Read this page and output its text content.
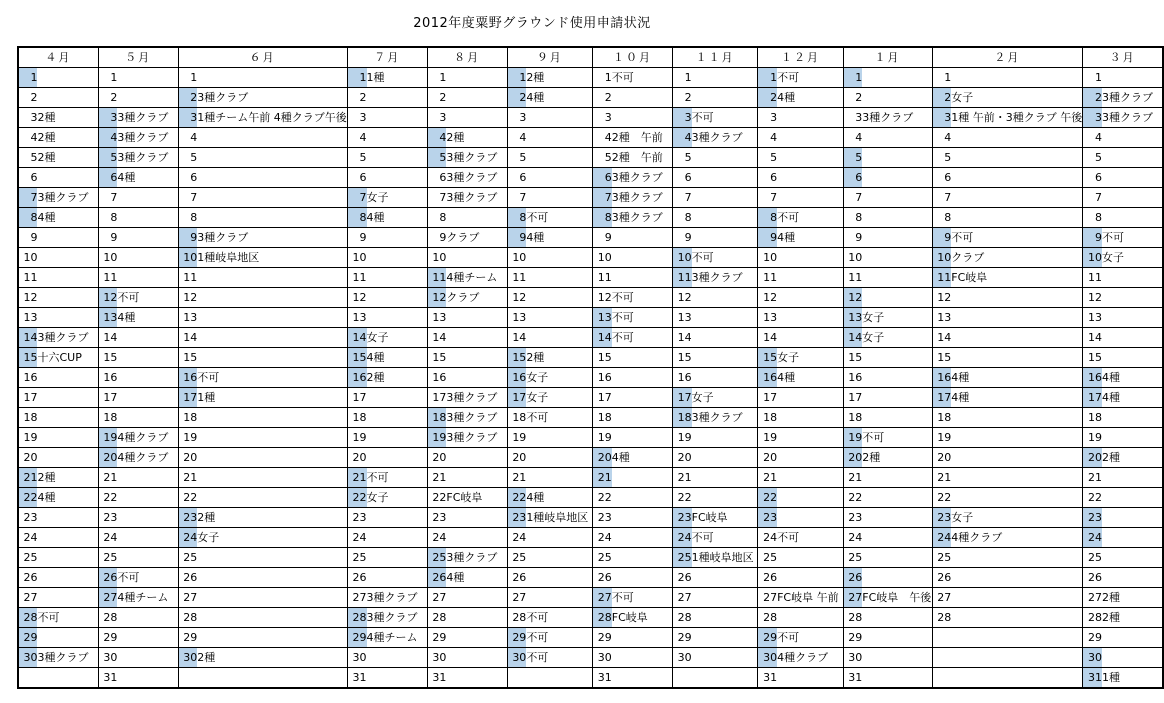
2012年度粟野グラウンド使用申請状況
４月		５月		６月		７月		８月		９月		１０月		１１月		１２月		１月		２月		３月	
1		1		1		1	1種	1		1	2種	1	不可	1		1	不可	1		1		1	
2		2		2	3種クラブ	2		2		2	4種	2		2		2	4種	2		2	女子	2	3種クラブ
3	2種	3	3種クラブ	3	1種チーム午前 4種クラブ午後	3		3		3		3		3	不可	3		3	3種クラブ	3	1種 午前・3種クラブ 午後	3	3種クラブ
4	2種	4	3種クラブ	4		4		4	2種	4		4	2種　午前	4	3種クラブ	4		4		4		4	
5	2種	5	3種クラブ	5		5		5	3種クラブ	5		5	2種　午前	5		5		5		5		5	
6		6	4種	6		6		6	3種クラブ	6		6	3種クラブ	6		6		6		6		6	
7	3種クラブ	7		7		7	女子	7	3種クラブ	7		7	3種クラブ	7		7		7		7		7	
8	4種	8		8		8	4種	8		8	不可	8	3種クラブ	8		8	不可	8		8		8	
9		9		9	3種クラブ	9		9	クラブ	9	4種	9		9		9	4種	9		9	不可	9	不可
10		10		10	1種岐阜地区	10		10		10		10		10	不可	10		10		10	クラブ	10	女子
11		11		11		11		11	4種チーム	11		11		11	3種クラブ	11		11		11	FC岐阜	11	
12		12	不可	12		12		12	クラブ	12		12	不可	12		12		12		12		12	
13		13	4種	13		13		13		13		13	不可	13		13		13	女子	13		13	
14	3種クラブ	14		14		14	女子	14		14		14	不可	14		14		14	女子	14		14	
15	十六CUP	15		15		15	4種	15		15	2種	15		15		15	女子	15		15		15	
16		16		16	不可	16	2種	16		16	女子	16		16		16	4種	16		16	4種	16	4種
17		17		17	1種	17		17	3種クラブ	17	女子	17		17	女子	17		17		17	4種	17	4種
18		18		18		18		18	3種クラブ	18	不可	18		18	3種クラブ	18		18		18		18	
19		19	4種クラブ	19		19		19	3種クラブ	19		19		19		19		19	不可	19		19	
20		20	4種クラブ	20		20		20		20		20	4種	20		20		20	2種	20		20	2種
21	2種	21		21		21	不可	21		21		21		21		21		21		21		21	
22	4種	22		22		22	女子	22	FC岐阜	22	4種	22		22		22		22		22		22	
23		23		23	2種	23		23		23	1種岐阜地区	23		23	FC岐阜	23		23		23	女子	23	
24		24		24	女子	24		24		24		24		24	不可	24	不可	24		24	4種クラブ	24	
25		25		25		25		25	3種クラブ	25		25		25	1種岐阜地区	25		25		25		25	
26		26	不可	26		26		26	4種	26		26		26		26		26		26		26	
27		27	4種チーム	27		27	3種クラブ	27		27		27	不可	27		27	FC岐阜 午前	27	FC岐阜　午後	27		27	2種
28	不可	28		28		28	3種クラブ	28		28	不可	28	FC岐阜	28		28		28		28		28	2種
29		29		29		29	4種チーム	29		29	不可	29		29		29	不可	29				29	
30	3種クラブ	30		30	2種	30		30		30	不可	30		30		30	4種クラブ	30				30	
		31				31		31				31				31		31				31	1種
